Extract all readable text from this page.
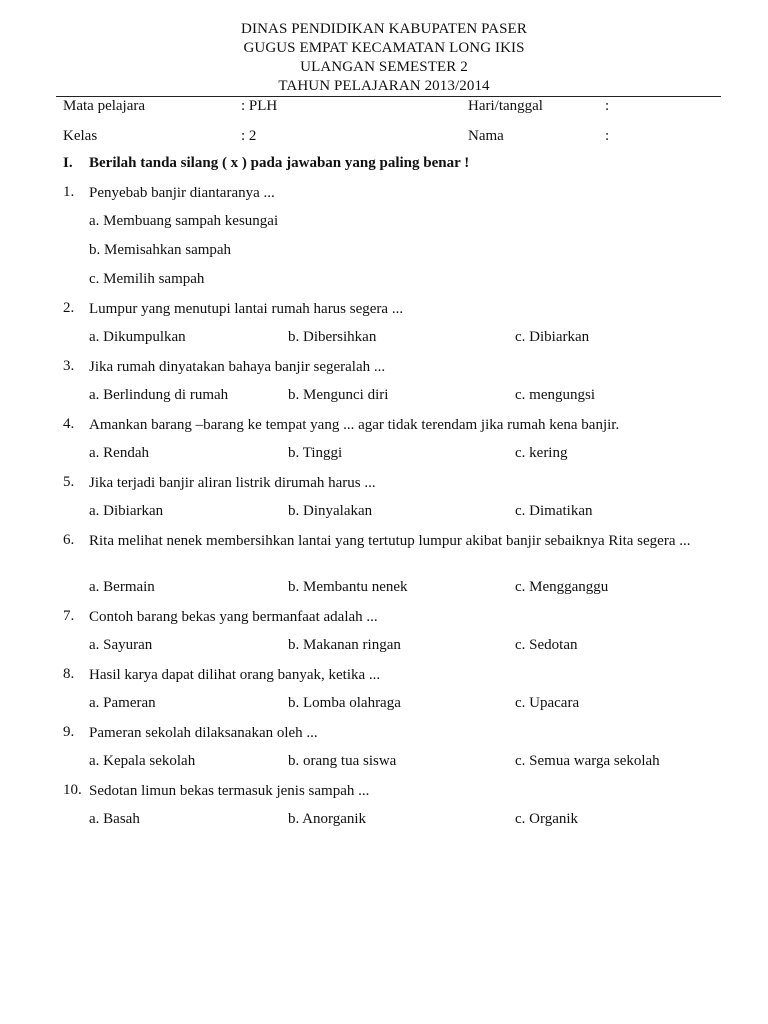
DINAS PENDIDIKAN KABUPATEN PASER
GUGUS EMPAT KECAMATAN LONG IKIS
ULANGAN SEMESTER 2
TAHUN PELAJARAN 2013/2014
Mata pelajara	: PLH	Hari/tanggal	:
Kelas	: 2	Nama	:
I. Berilah tanda silang ( x ) pada jawaban yang paling benar !
1. Penyebab banjir diantaranya ...
a. Membuang sampah kesungai
b. Memisahkan sampah
c. Memilih sampah
2. Lumpur yang menutupi lantai rumah harus segera ...
a. Dikumpulkan	b. Dibersihkan	c. Dibiarkan
3. Jika rumah dinyatakan bahaya banjir segeralah ...
a. Berlindung di rumah	b. Mengunci diri	c. mengungsi
4. Amankan barang –barang ke tempat yang ... agar tidak terendam jika rumah kena banjir.
a. Rendah	b. Tinggi	c. kering
5. Jika terjadi banjir aliran listrik dirumah harus ...
a. Dibiarkan	b. Dinyalakan	c. Dimatikan
6. Rita melihat nenek membersihkan lantai yang tertutup lumpur akibat banjir sebaiknya Rita segera ...
a. Bermain	b. Membantu nenek	c. Mengganggu
7. Contoh barang bekas yang bermanfaat adalah ...
a. Sayuran	b. Makanan ringan	c. Sedotan
8. Hasil karya dapat dilihat orang banyak, ketika ...
a. Pameran	b. Lomba olahraga	c. Upacara
9. Pameran sekolah dilaksanakan oleh ...
a. Kepala sekolah	b. orang tua siswa	c. Semua warga sekolah
10. Sedotan limun bekas termasuk jenis sampah ...
a. Basah	b. Anorganik	c. Organik
